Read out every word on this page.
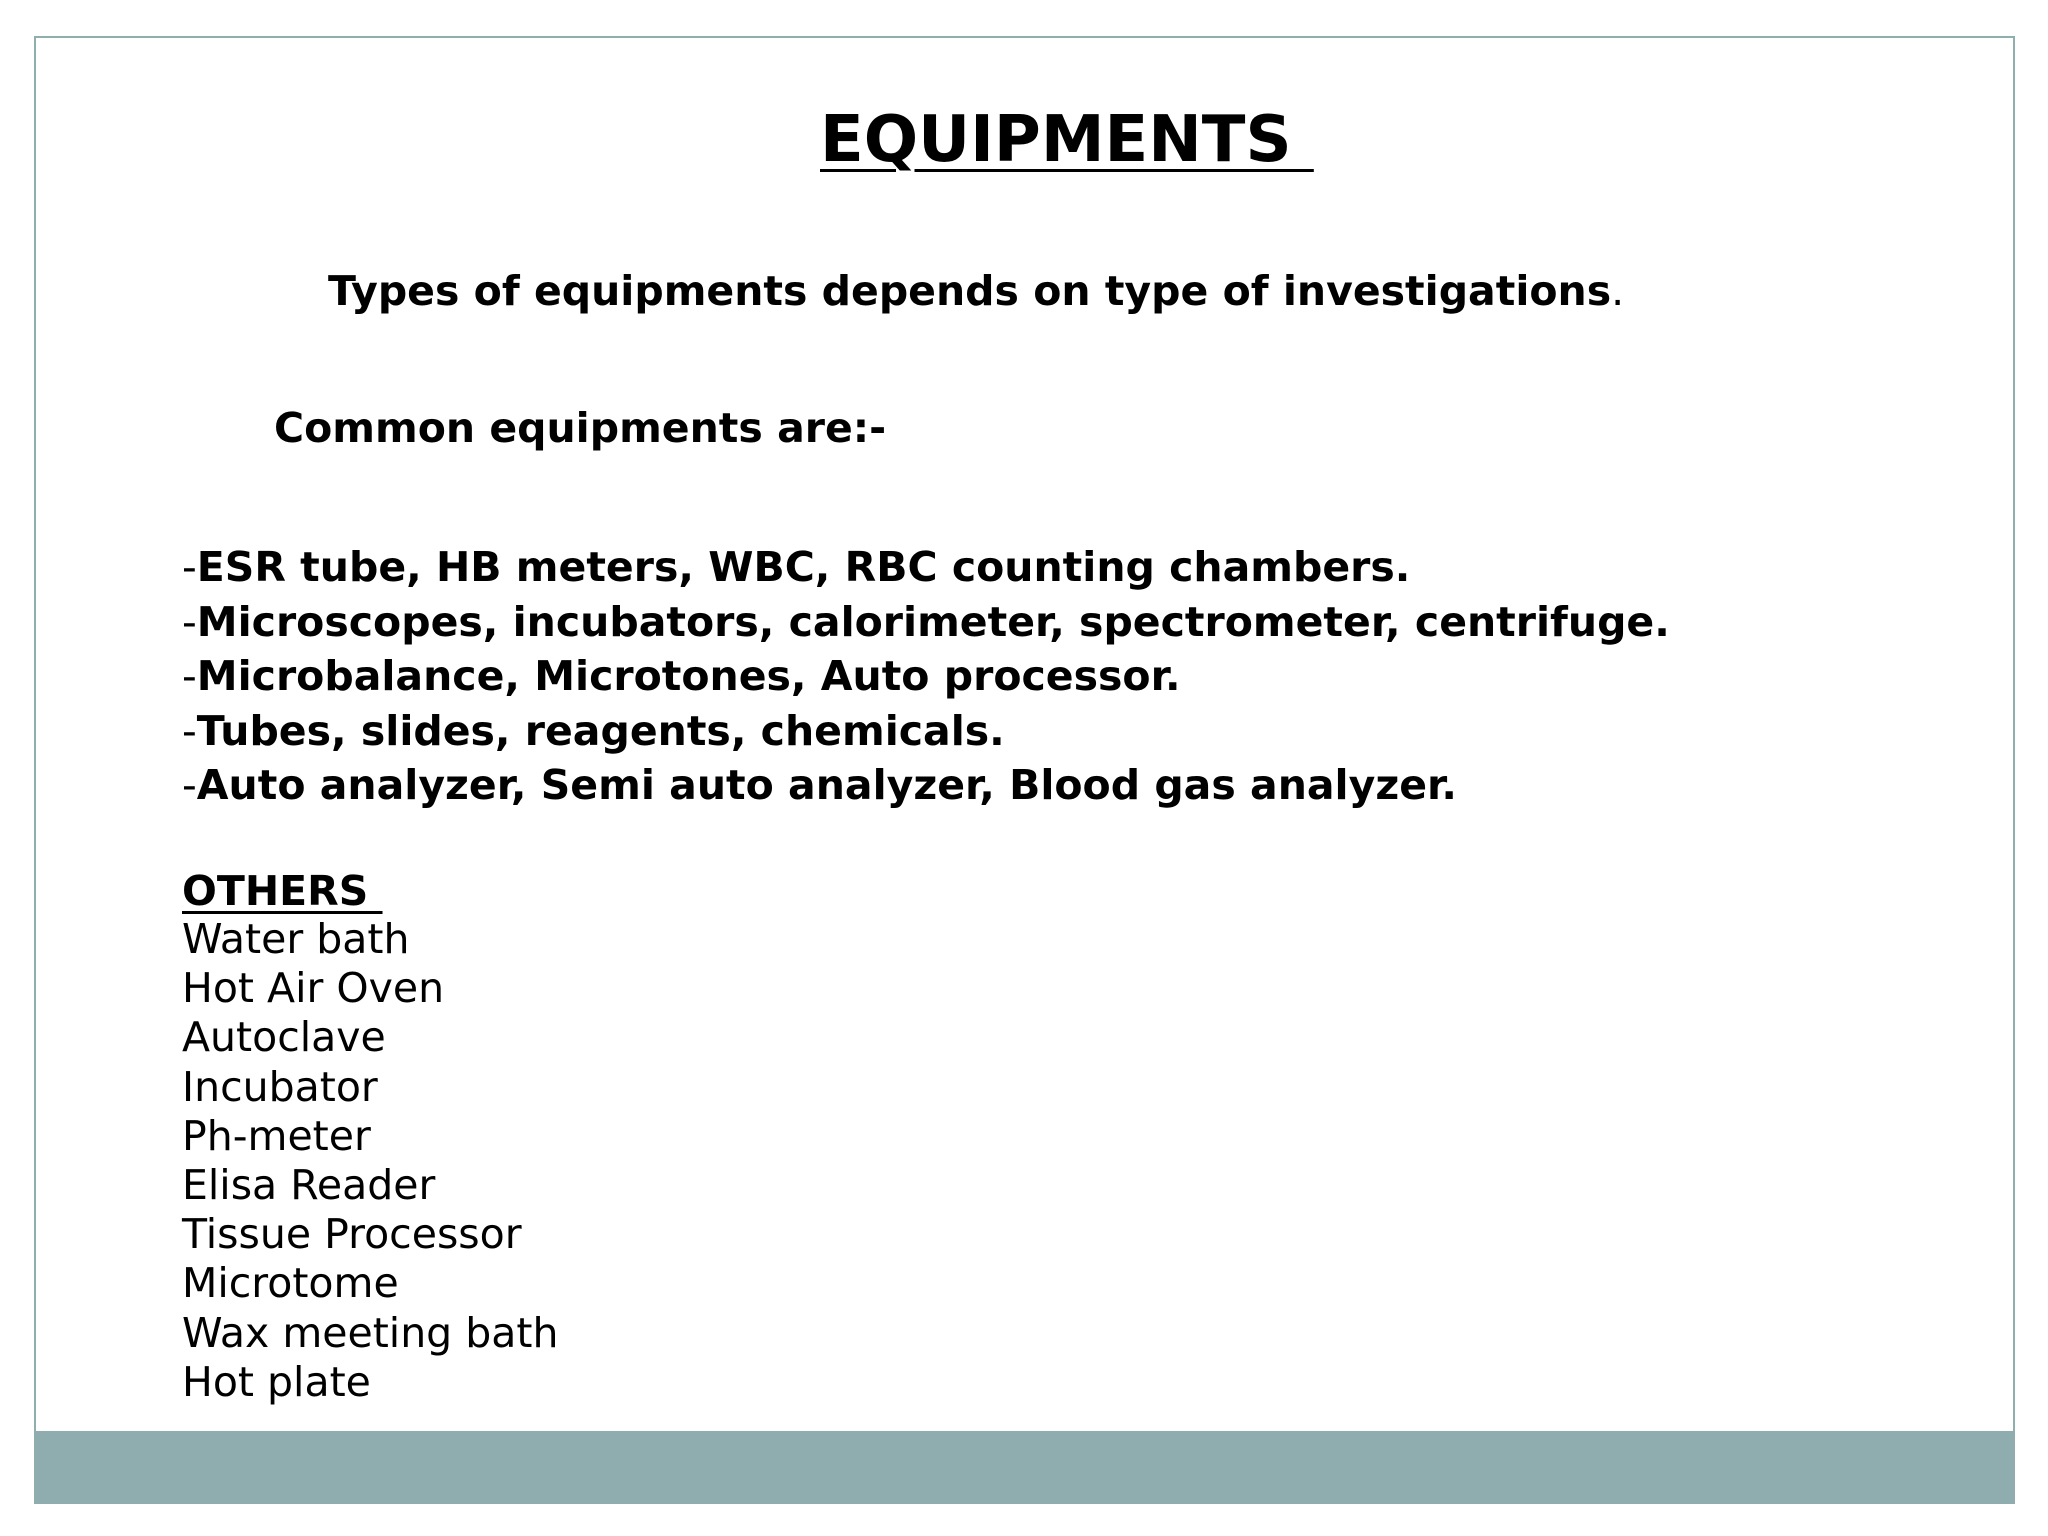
EQUIPMENTS
Types of equipments depends on type of investigations.
Common equipments are:-
-ESR tube, HB meters, WBC, RBC counting chambers.
-Microscopes, incubators, calorimeter, spectrometer, centrifuge.
-Microbalance, Microtones, Auto processor.
-Tubes, slides, reagents, chemicals.
-Auto analyzer, Semi auto analyzer, Blood gas analyzer.
OTHERS
Water bath
Hot Air Oven
Autoclave
Incubator
Ph-meter
Elisa Reader
Tissue Processor
Microtome
Wax meeting bath
Hot plate
